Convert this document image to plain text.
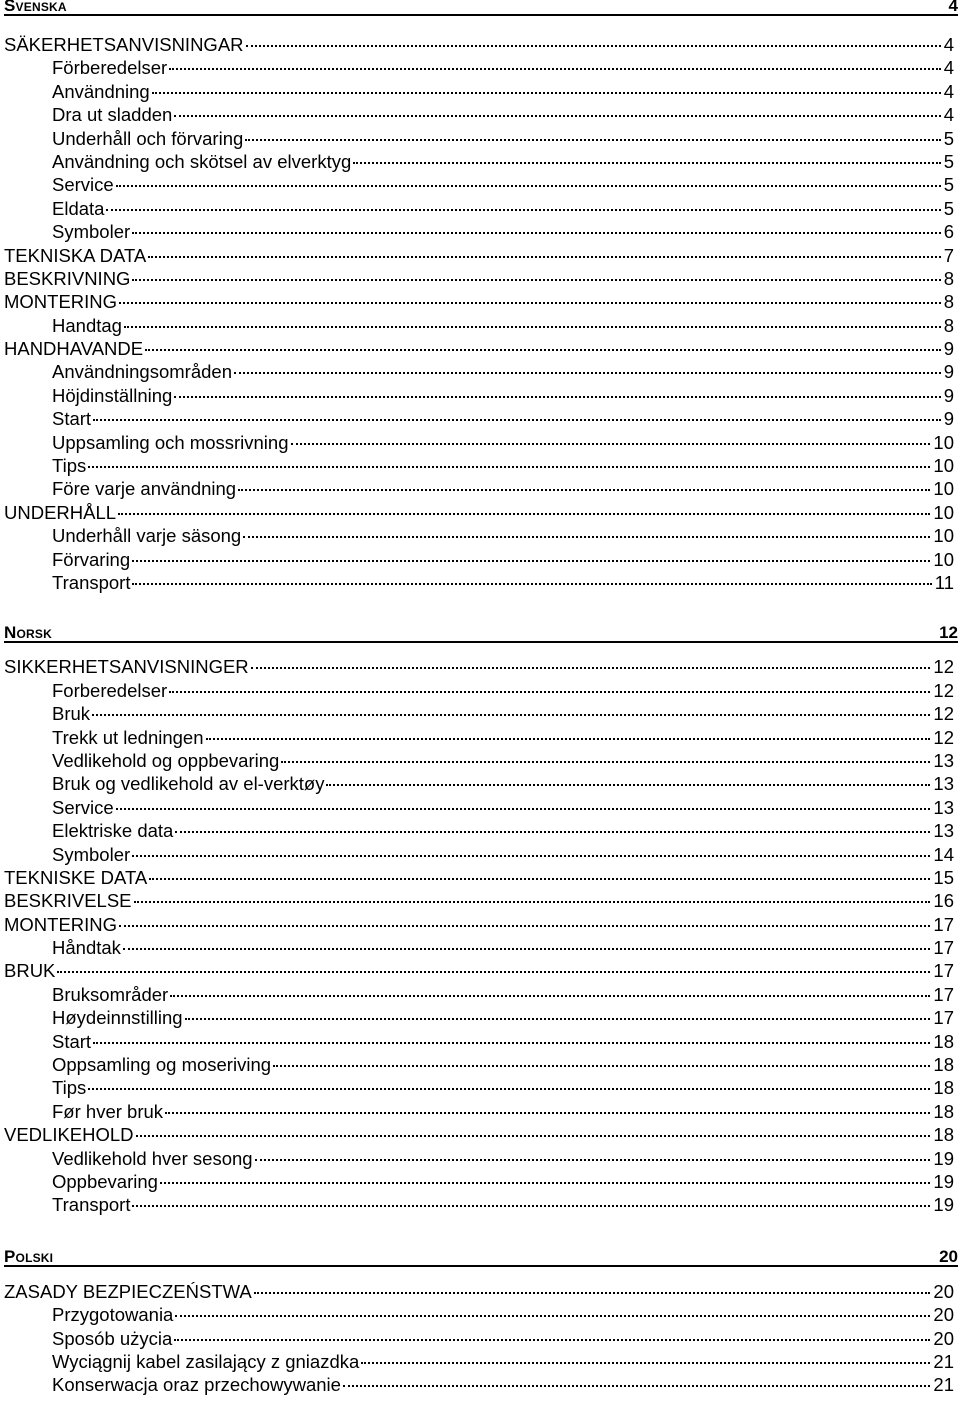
Svenska	4
SÄKERHETSANVISNINGAR	4
Förberedelser	4
Användning	4
Dra ut sladden	4
Underhåll och förvaring	5
Användning och skötsel av elverktyg	5
Service	5
Eldata	5
Symboler	6
TEKNISKA DATA	7
BESKRIVNING	8
MONTERING	8
Handtag	8
HANDHAVANDE	9
Användningsområden	9
Höjdinställning	9
Start	9
Uppsamling och mossrivning	10
Tips	10
Före varje användning	10
UNDERHÅLL	10
Underhåll varje säsong	10
Förvaring	10
Transport	11
Norsk	12
SIKKERHETSANVISNINGER	12
Forberedelser	12
Bruk	12
Trekk ut ledningen	12
Vedlikehold og oppbevaring	13
Bruk og vedlikehold av el-verktøy	13
Service	13
Elektriske data	13
Symboler	14
TEKNISKE DATA	15
BESKRIVELSE	16
MONTERING	17
Håndtak	17
BRUK	17
Bruksområder	17
Høydeinnstilling	17
Start	18
Oppsamling og moseriving	18
Tips	18
Før hver bruk	18
VEDLIKEHOLD	18
Vedlikehold hver sesong	19
Oppbevaring	19
Transport	19
Polski	20
ZASADY BEZPIECZEŃSTWA	20
Przygotowania	20
Sposób użycia	20
Wyciągnij kabel zasilający z gniazdka	21
Konserwacja oraz przechowywanie	21
